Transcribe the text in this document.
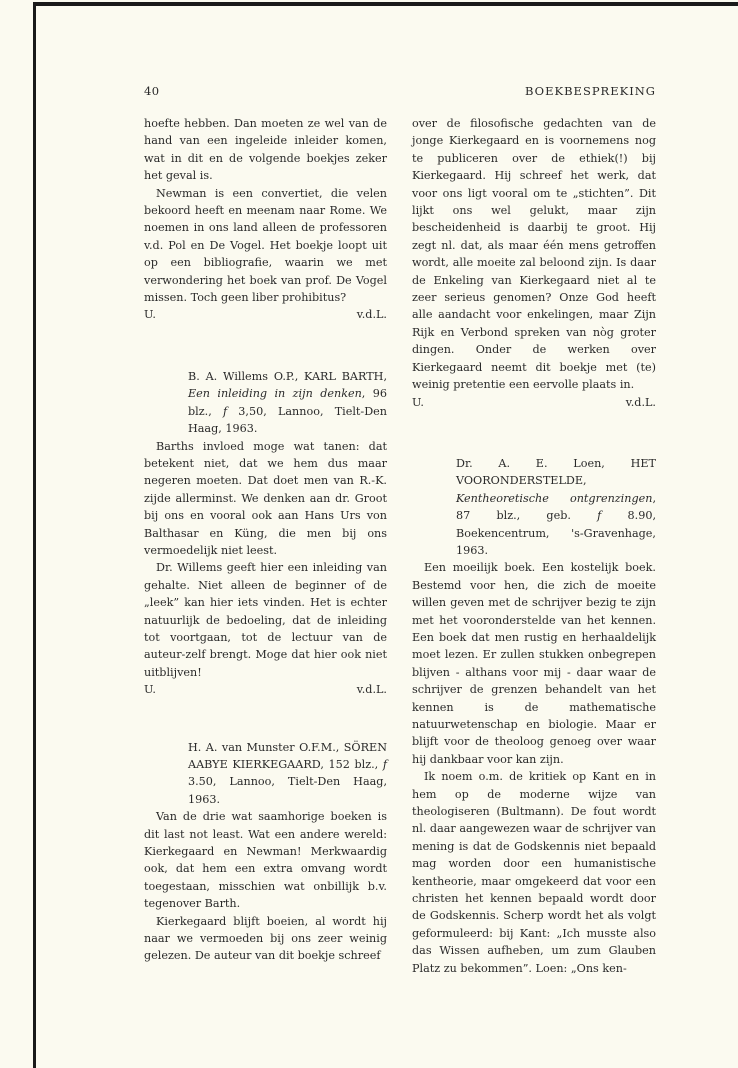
40	BOEKBESPREKING

hoefte hebben. Dan moeten ze wel van de hand van een ingeleide inleider komen, wat in dit en de volgende boekjes zeker het geval is.

Newman is een convertiet, die velen bekoord heeft en meenam naar Rome. We noemen in ons land alleen de professoren v.d. Pol en De Vogel. Het boekje loopt uit op een bibliografie, waarin we met verwondering het boek van prof. De Vogel missen. Toch geen liber prohibitus?

U.	v.d.L.

B. A. Willems O.P., KARL BARTH, Een inleiding in zijn denken, 96 blz., f 3,50, Lannoo, Tielt-Den Haag, 1963.

Barths invloed moge wat tanen: dat betekent niet, dat we hem dus maar negeren moeten. Dat doet men van R.-K. zijde allerminst. We denken aan dr. Groot bij ons en vooral ook aan Hans Urs von Balthasar en Küng, die men bij ons vermoedelijk niet leest.

Dr. Willems geeft hier een inleiding van gehalte. Niet alleen de beginner of de „leek” kan hier iets vinden. Het is echter natuurlijk de bedoeling, dat de inleiding tot voortgaan, tot de lectuur van de auteur-zelf brengt. Moge dat hier ook niet uitblijven!

U.	v.d.L.

H. A. van Munster O.F.M., SÖREN AABYE KIERKEGAARD, 152 blz., f 3.50, Lannoo, Tielt-Den Haag, 1963.

Van de drie wat saamhorige boeken is dit last not least. Wat een andere wereld: Kierkegaard en Newman! Merkwaardig ook, dat hem een extra omvang wordt toegestaan, misschien wat onbillijk b.v. tegenover Barth.

Kierkegaard blijft boeien, al wordt hij naar we vermoeden bij ons zeer weinig gelezen. De auteur van dit boekje schreef

over de filosofische gedachten van de jonge Kierkegaard en is voornemens nog te publiceren over de ethiek(!) bij Kierkegaard. Hij schreef het werk, dat voor ons ligt vooral om te „stichten”. Dit lijkt ons wel gelukt, maar zijn bescheidenheid is daarbij te groot. Hij zegt nl. dat, als maar één mens getroffen wordt, alle moeite zal beloond zijn. Is daar de Enkeling van Kierkegaard niet al te zeer serieus genomen? Onze God heeft alle aandacht voor enkelingen, maar Zijn Rijk en Verbond spreken van nòg groter dingen. Onder de werken over Kierkegaard neemt dit boekje met (te) weinig pretentie een eervolle plaats in.

U.	v.d.L.

Dr. A. E. Loen, HET VOORONDERSTELDE, Kentheoretische ontgrenzingen, 87 blz., geb. f 8.90, Boekencentrum, 's-Gravenhage, 1963.

Een moeilijk boek. Een kostelijk boek. Bestemd voor hen, die zich de moeite willen geven met de schrijver bezig te zijn met het vooronderstelde van het kennen. Een boek dat men rustig en herhaaldelijk moet lezen. Er zullen stukken onbegrepen blijven - althans voor mij - daar waar de schrijver de grenzen behandelt van het kennen is de mathematische natuurwetenschap en biologie. Maar er blijft voor de theoloog genoeg over waar hij dankbaar voor kan zijn.

Ik noem o.m. de kritiek op Kant en in hem op de moderne wijze van theologiseren (Bultmann). De fout wordt nl. daar aangewezen waar de schrijver van mening is dat de Godskennis niet bepaald mag worden door een humanistische kentheorie, maar omgekeerd dat voor een christen het kennen bepaald wordt door de Godskennis. Scherp wordt het als volgt geformuleerd: bij Kant: „Ich musste also das Wissen aufheben, um zum Glauben Platz zu bekommen”. Loen: „Ons ken-
